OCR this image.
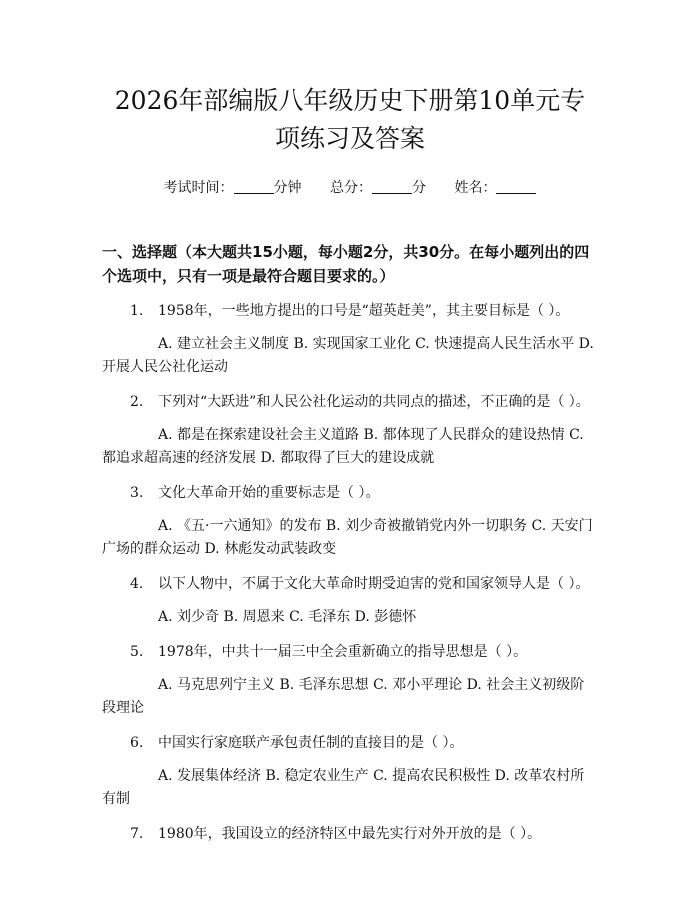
2026年部编版八年级历史下册第10单元专
项练习及答案
考试时间：	分钟 总分：	分 姓名：
一、选择题（本大题共15小题，每小题2分，共30分。在每小题列出的四个选项中，只有一项是最符合题目要求的。）
1. 1958年，一些地方提出的口号是“超英赶美”，其主要目标是（ ）。
A. 建立社会主义制度 B. 实现国家工业化 C. 快速提高人民生活水平 D. 开展人民公社化运动
2. 下列对“大跃进”和人民公社化运动的共同点的描述，不正确的是（ ）。
A. 都是在探索建设社会主义道路 B. 都体现了人民群众的建设热情 C. 都追求超高速的经济发展 D. 都取得了巨大的建设成就
3. 文化大革命开始的重要标志是（ ）。
A. 《五·一六通知》的发布 B. 刘少奇被撤销党内外一切职务 C. 天安门广场的群众运动 D. 林彪发动武装政变
4. 以下人物中，不属于文化大革命时期受迫害的党和国家领导人是（ ）。
A. 刘少奇 B. 周恩来 C. 毛泽东 D. 彭德怀
5. 1978年，中共十一届三中全会重新确立的指导思想是（ ）。
A. 马克思列宁主义 B. 毛泽东思想 C. 邓小平理论 D. 社会主义初级阶段理论
6. 中国实行家庭联产承包责任制的直接目的是（ ）。
A. 发展集体经济 B. 稳定农业生产 C. 提高农民积极性 D. 改革农村所有制
7. 1980年，我国设立的经济特区中最先实行对外开放的是（ ）。
